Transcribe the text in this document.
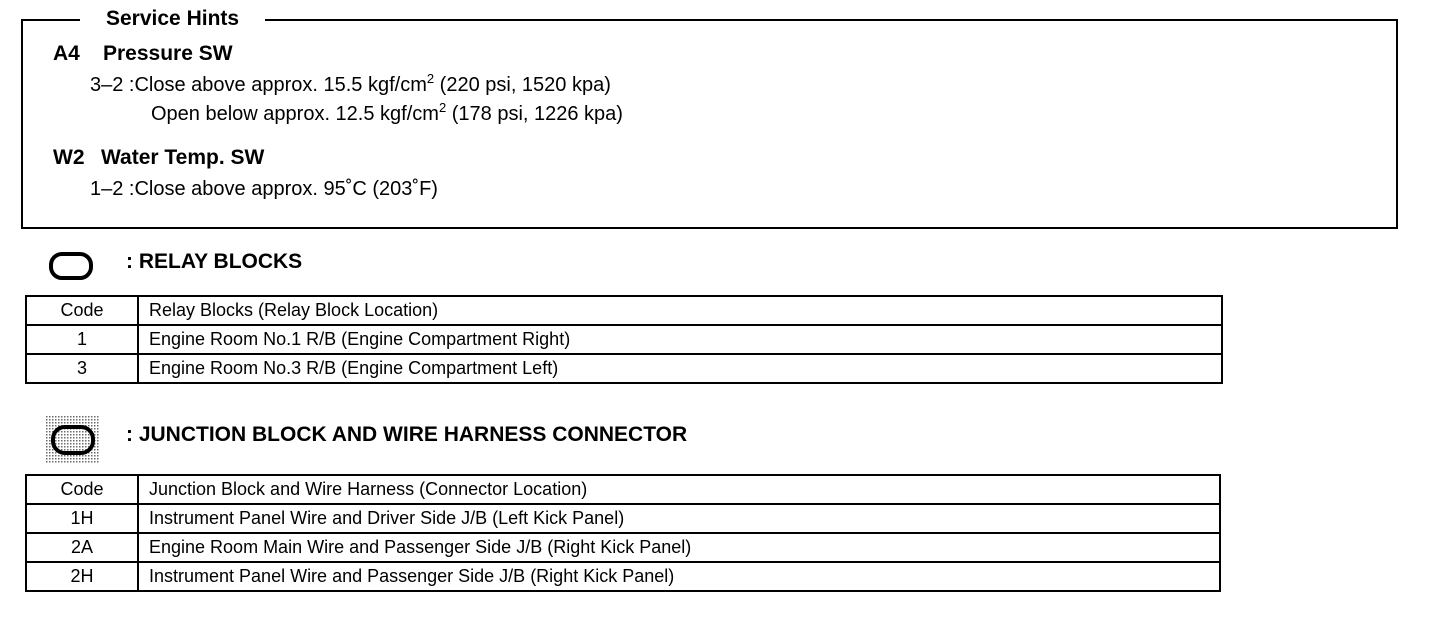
Service Hints
A4 Pressure SW
3–2 :Close above approx. 15.5 kgf/$cm^2$ (220 psi, 1520 kpa)
Open below approx. 12.5 kgf/$cm^2$ (178 psi, 1226 kpa)
W2 Water Temp. SW
1–2 :Close above approx. 95˚C (203˚F)
: RELAY BLOCKS
Code	Relay Blocks (Relay Block Location)
1	Engine Room No.1 R/B (Engine Compartment Right)
3	Engine Room No.3 R/B (Engine Compartment Left)
: JUNCTION BLOCK AND WIRE HARNESS CONNECTOR
Code	Junction Block and Wire Harness (Connector Location)
1H	Instrument Panel Wire and Driver Side J/B (Left Kick Panel)
2A	Engine Room Main Wire and Passenger Side J/B (Right Kick Panel)
2H	Instrument Panel Wire and Passenger Side J/B (Right Kick Panel)
